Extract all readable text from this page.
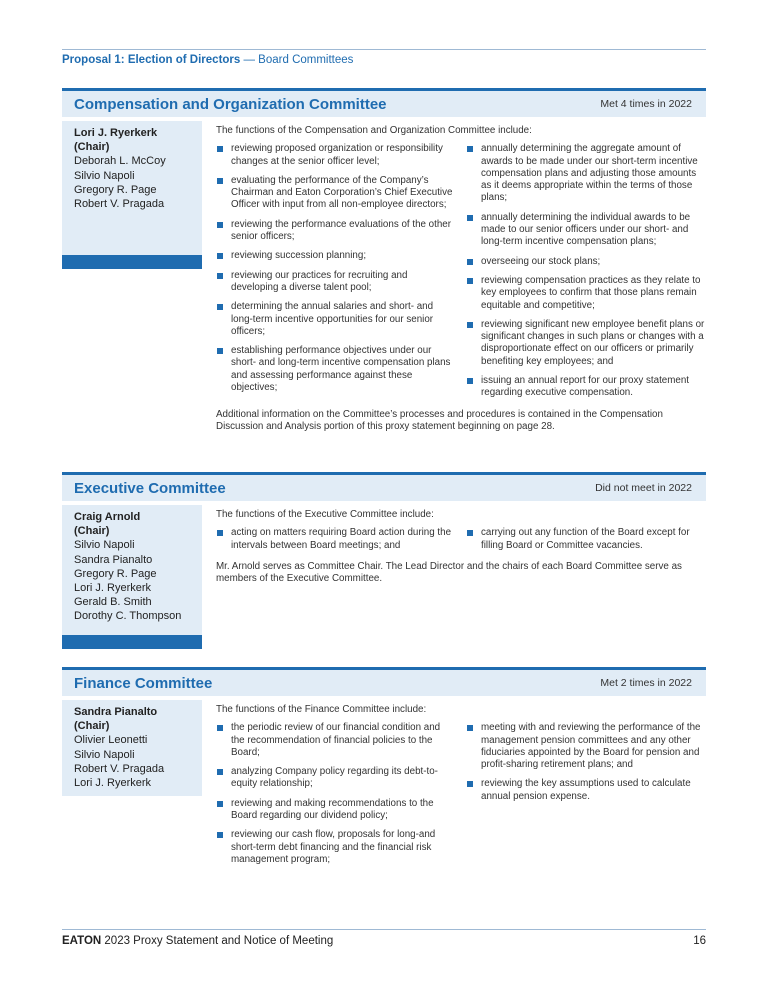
Proposal 1: Election of Directors — Board Committees
Compensation and Organization Committee	Met 4 times in 2022
Lori J. Ryerkerk
(Chair)
Deborah L. McCoy
Silvio Napoli
Gregory R. Page
Robert V. Pragada
The functions of the Compensation and Organization Committee include:
reviewing proposed organization or responsibility changes at the senior officer level;
evaluating the performance of the Company’s Chairman and Eaton Corporation’s Chief Executive Officer with input from all non-employee directors;
reviewing the performance evaluations of the other senior officers;
reviewing succession planning;
reviewing our practices for recruiting and developing a diverse talent pool;
determining the annual salaries and short- and long-term incentive opportunities for our senior officers;
establishing performance objectives under our short- and long-term incentive compensation plans and assessing performance against these objectives;
annually determining the aggregate amount of awards to be made under our short-term incentive compensation plans and adjusting those amounts as it deems appropriate within the terms of those plans;
annually determining the individual awards to be made to our senior officers under our short- and long-term incentive compensation plans;
overseeing our stock plans;
reviewing compensation practices as they relate to key employees to confirm that those plans remain equitable and competitive;
reviewing significant new employee benefit plans or significant changes in such plans or changes with a disproportionate effect on our officers or primarily benefiting key employees; and
issuing an annual report for our proxy statement regarding executive compensation.
Additional information on the Committee’s processes and procedures is contained in the Compensation Discussion and Analysis portion of this proxy statement beginning on page 28.
Executive Committee	Did not meet in 2022
Craig Arnold
(Chair)
Silvio Napoli
Sandra Pianalto
Gregory R. Page
Lori J. Ryerkerk
Gerald B. Smith
Dorothy C. Thompson
The functions of the Executive Committee include:
acting on matters requiring Board action during the intervals between Board meetings; and
carrying out any function of the Board except for filling Board or Committee vacancies.
Mr. Arnold serves as Committee Chair. The Lead Director and the chairs of each Board Committee serve as members of the Executive Committee.
Finance Committee	Met 2 times in 2022
Sandra Pianalto
(Chair)
Olivier Leonetti
Silvio Napoli
Robert V. Pragada
Lori J. Ryerkerk
The functions of the Finance Committee include:
the periodic review of our financial condition and the recommendation of financial policies to the Board;
analyzing Company policy regarding its debt-to-equity relationship;
reviewing and making recommendations to the Board regarding our dividend policy;
reviewing our cash flow, proposals for long-and short-term debt financing and the financial risk management program;
meeting with and reviewing the performance of the management pension committees and any other fiduciaries appointed by the Board for pension and profit-sharing retirement plans; and
reviewing the key assumptions used to calculate annual pension expense.
EATON 2023 Proxy Statement and Notice of Meeting	16
